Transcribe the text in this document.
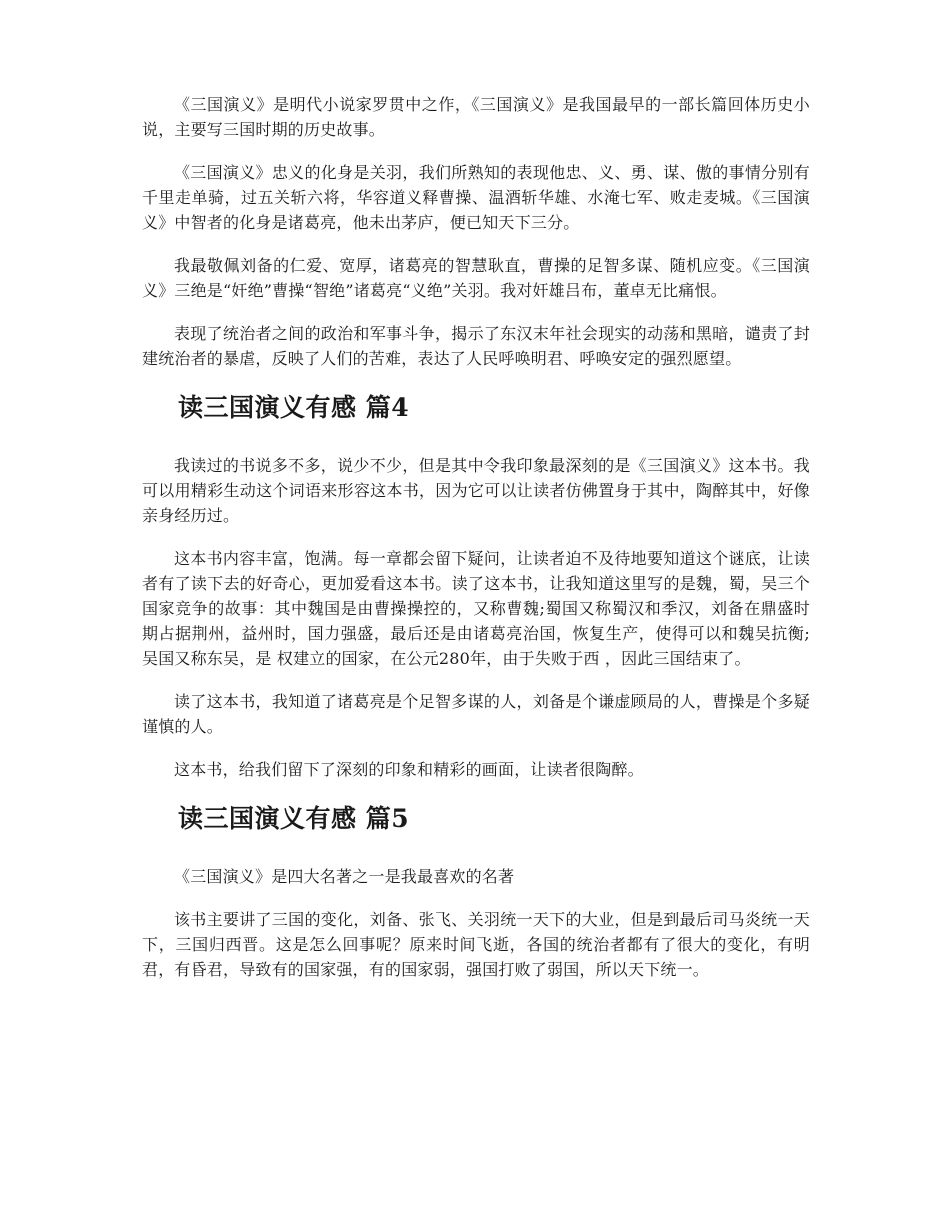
《三国演义》是明代小说家罗贯中之作，《三国演义》是我国最早的一部长篇回体历史小说，主要写三国时期的历史故事。

《三国演义》忠义的化身是关羽，我们所熟知的表现他忠、义、勇、谋、傲的事情分别有千里走单骑，过五关斩六将，华容道义释曹操、温酒斩华雄、水淹七军、败走麦城。《三国演义》中智者的化身是诸葛亮，他未出茅庐，便已知天下三分。

我最敬佩刘备的仁爱、宽厚，诸葛亮的智慧耿直，曹操的足智多谋、随机应变。《三国演义》三绝是“奸绝”曹操“智绝”诸葛亮“义绝”关羽。我对奸雄吕布，董卓无比痛恨。

表现了统治者之间的政治和军事斗争，揭示了东汉末年社会现实的动荡和黑暗，谴责了封建统治者的暴虐，反映了人们的苦难，表达了人民呼唤明君、呼唤安定的强烈愿望。

读三国演义有感 篇4

我读过的书说多不多，说少不少，但是其中令我印象最深刻的是《三国演义》这本书。我可以用精彩生动这个词语来形容这本书，因为它可以让读者仿佛置身于其中，陶醉其中，好像亲身经历过。

这本书内容丰富，饱满。每一章都会留下疑问，让读者迫不及待地要知道这个谜底，让读者有了读下去的好奇心，更加爱看这本书。读了这本书，让我知道这里写的是魏，蜀，吴三个国家竞争的故事：其中魏国是由曹操操控的，又称曹魏;蜀国又称蜀汉和季汉，刘备在鼎盛时期占据荆州，益州时，国力强盛，最后还是由诸葛亮治国，恢复生产，使得可以和魏吴抗衡;吴国又称东吴，是 权建立的国家，在公元280年，由于失败于西 ，因此三国结束了。

读了这本书，我知道了诸葛亮是个足智多谋的人，刘备是个谦虚顾局的人，曹操是个多疑谨慎的人。

这本书，给我们留下了深刻的印象和精彩的画面，让读者很陶醉。

读三国演义有感 篇5

《三国演义》是四大名著之一是我最喜欢的名著

该书主要讲了三国的变化，刘备、张飞、关羽统一天下的大业，但是到最后司马炎统一天下，三国归西晋。这是怎么回事呢？原来时间飞逝，各国的统治者都有了很大的变化，有明君，有昏君，导致有的国家强，有的国家弱，强国打败了弱国，所以天下统一。
